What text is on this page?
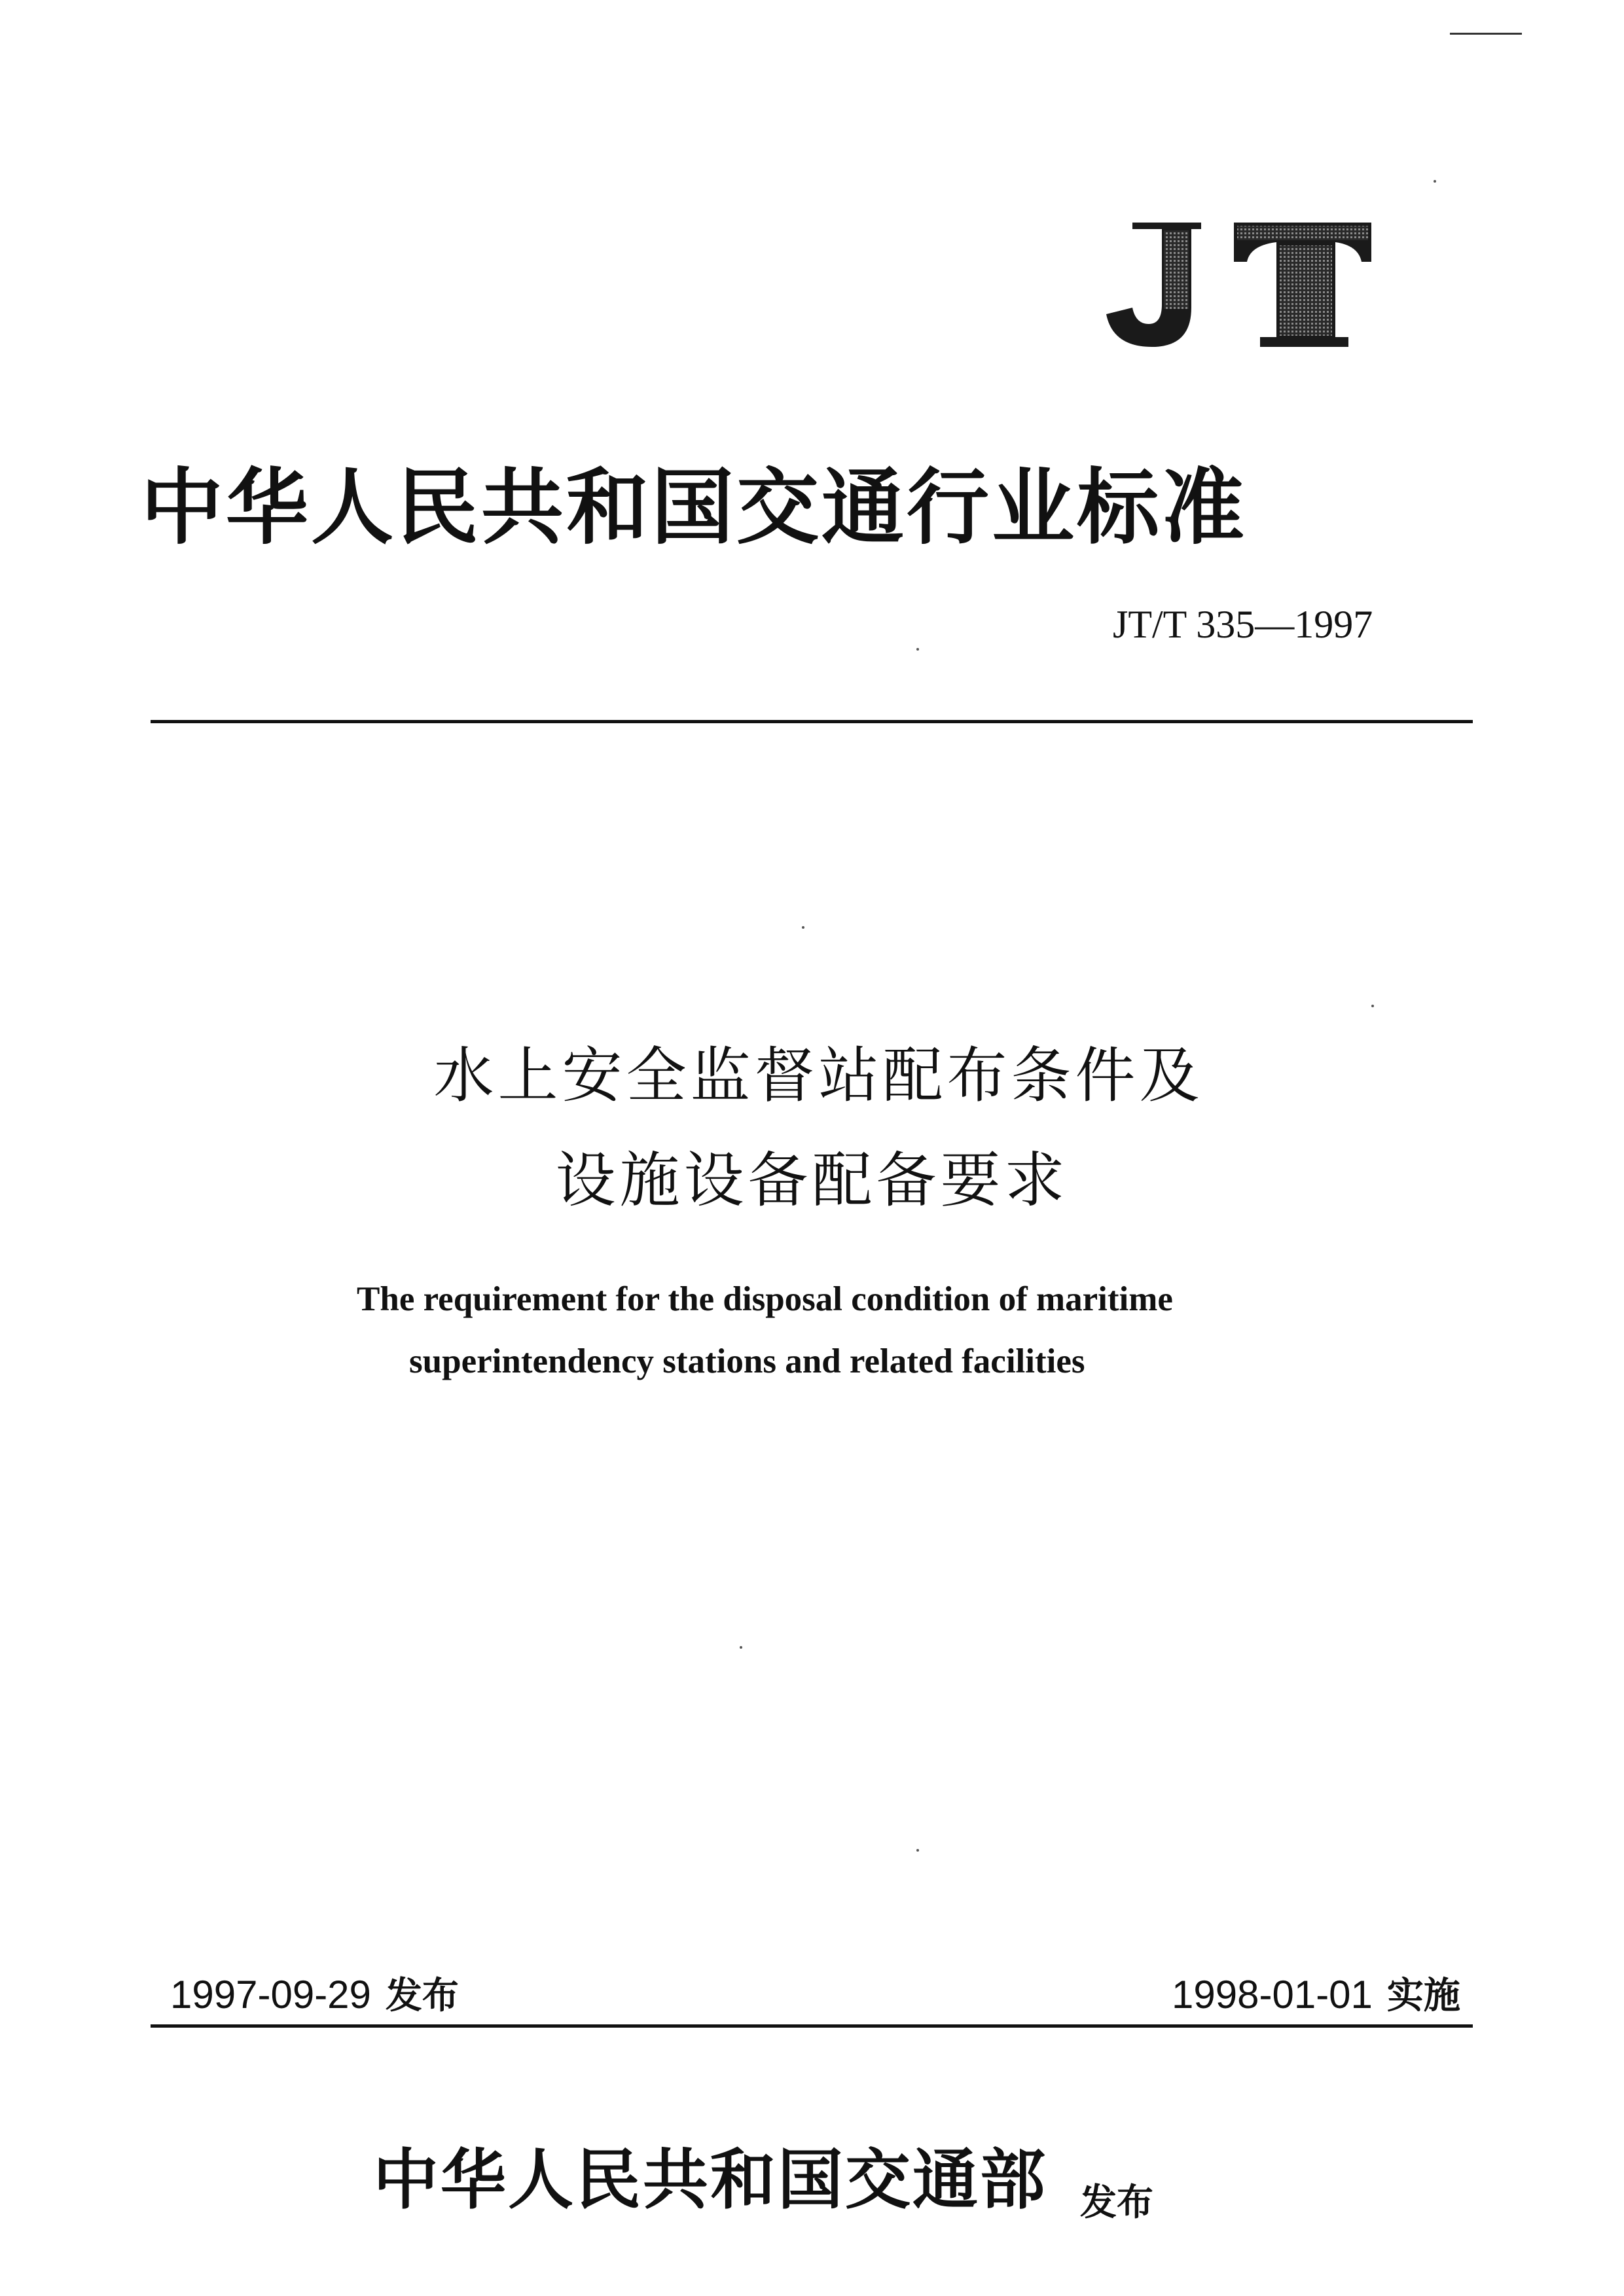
中华人民共和国交通行业标准
JT/T 335—1997
水上安全监督站配布条件及
设施设备配备要求
The requirement for the disposal condition of maritime
superintendency stations and related facilities
1997-09-29 发布	1998-01-01 实施
中华人民共和国交通部 发布
